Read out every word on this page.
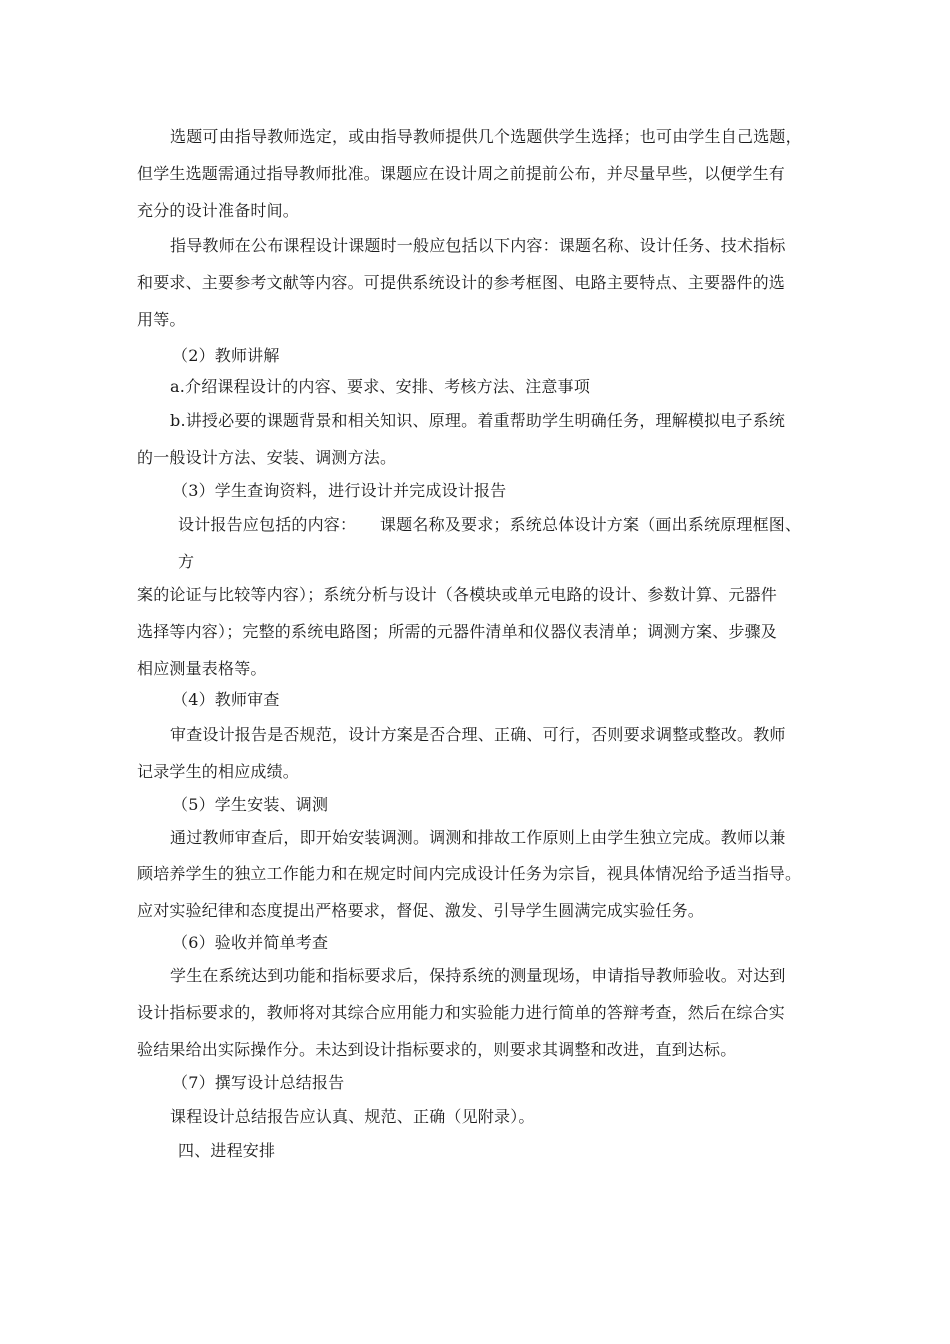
选题可由指导教师选定，或由指导教师提供几个选题供学生选择；也可由学生自己选题，
但学生选题需通过指导教师批准。课题应在设计周之前提前公布，并尽量早些，以便学生有
充分的设计准备时间。
指导教师在公布课程设计课题时一般应包括以下内容：课题名称、设计任务、技术指标
和要求、主要参考文献等内容。可提供系统设计的参考框图、电路主要特点、主要器件的选
用等。
（2）教师讲解
a.介绍课程设计的内容、要求、安排、考核方法、注意事项
b.讲授必要的课题背景和相关知识、原理。着重帮助学生明确任务，理解模拟电子系统
的一般设计方法、安装、调测方法。
（3）学生查询资料，进行设计并完成设计报告
设计报告应包括的内容： 课题名称及要求；系统总体设计方案（画出系统原理框图、
方
案的论证与比较等内容）；系统分析与设计（各模块或单元电路的设计、参数计算、元器件
选择等内容）；完整的系统电路图；所需的元器件清单和仪器仪表清单；调测方案、步骤及
相应测量表格等。
（4）教师审查
审查设计报告是否规范，设计方案是否合理、正确、可行，否则要求调整或整改。教师
记录学生的相应成绩。
（5）学生安装、调测
通过教师审查后，即开始安装调测。调测和排故工作原则上由学生独立完成。教师以兼
顾培养学生的独立工作能力和在规定时间内完成设计任务为宗旨，视具体情况给予适当指导。
应对实验纪律和态度提出严格要求，督促、激发、引导学生圆满完成实验任务。
（6）验收并简单考查
学生在系统达到功能和指标要求后，保持系统的测量现场，申请指导教师验收。对达到
设计指标要求的，教师将对其综合应用能力和实验能力进行简单的答辩考查，然后在综合实
验结果给出实际操作分。未达到设计指标要求的，则要求其调整和改进，直到达标。
（7）撰写设计总结报告
课程设计总结报告应认真、规范、正确（见附录）。
四、进程安排
